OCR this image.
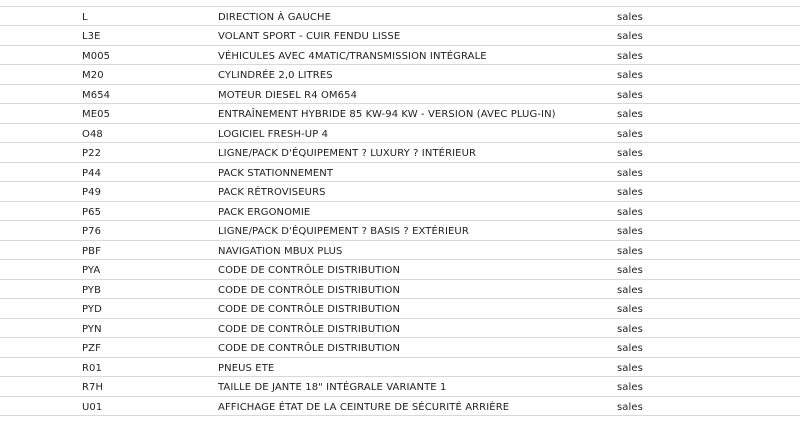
L	DIRECTION À GAUCHE	sales
L3E	VOLANT SPORT - CUIR FENDU LISSE	sales
M005	VÉHICULES AVEC 4MATIC/TRANSMISSION INTÉGRALE	sales
M20	CYLINDRÉE 2,0 LITRES	sales
M654	MOTEUR DIESEL R4 OM654	sales
ME05	ENTRAÎNEMENT HYBRIDE 85 KW-94 KW - VERSION (AVEC PLUG-IN)	sales
O48	LOGICIEL FRESH-UP 4	sales
P22	LIGNE/PACK D'ÉQUIPEMENT ? LUXURY ? INTÉRIEUR	sales
P44	PACK STATIONNEMENT	sales
P49	PACK RÉTROVISEURS	sales
P65	PACK ERGONOMIE	sales
P76	LIGNE/PACK D'ÉQUIPEMENT ? BASIS ? EXTÉRIEUR	sales
PBF	NAVIGATION MBUX PLUS	sales
PYA	CODE DE CONTRÔLE DISTRIBUTION	sales
PYB	CODE DE CONTRÔLE DISTRIBUTION	sales
PYD	CODE DE CONTRÔLE DISTRIBUTION	sales
PYN	CODE DE CONTRÔLE DISTRIBUTION	sales
PZF	CODE DE CONTRÔLE DISTRIBUTION	sales
R01	PNEUS ETE	sales
R7H	TAILLE DE JANTE 18" INTÉGRALE VARIANTE 1	sales
U01	AFFICHAGE ÉTAT DE LA CEINTURE DE SÉCURITÉ ARRIÈRE	sales
